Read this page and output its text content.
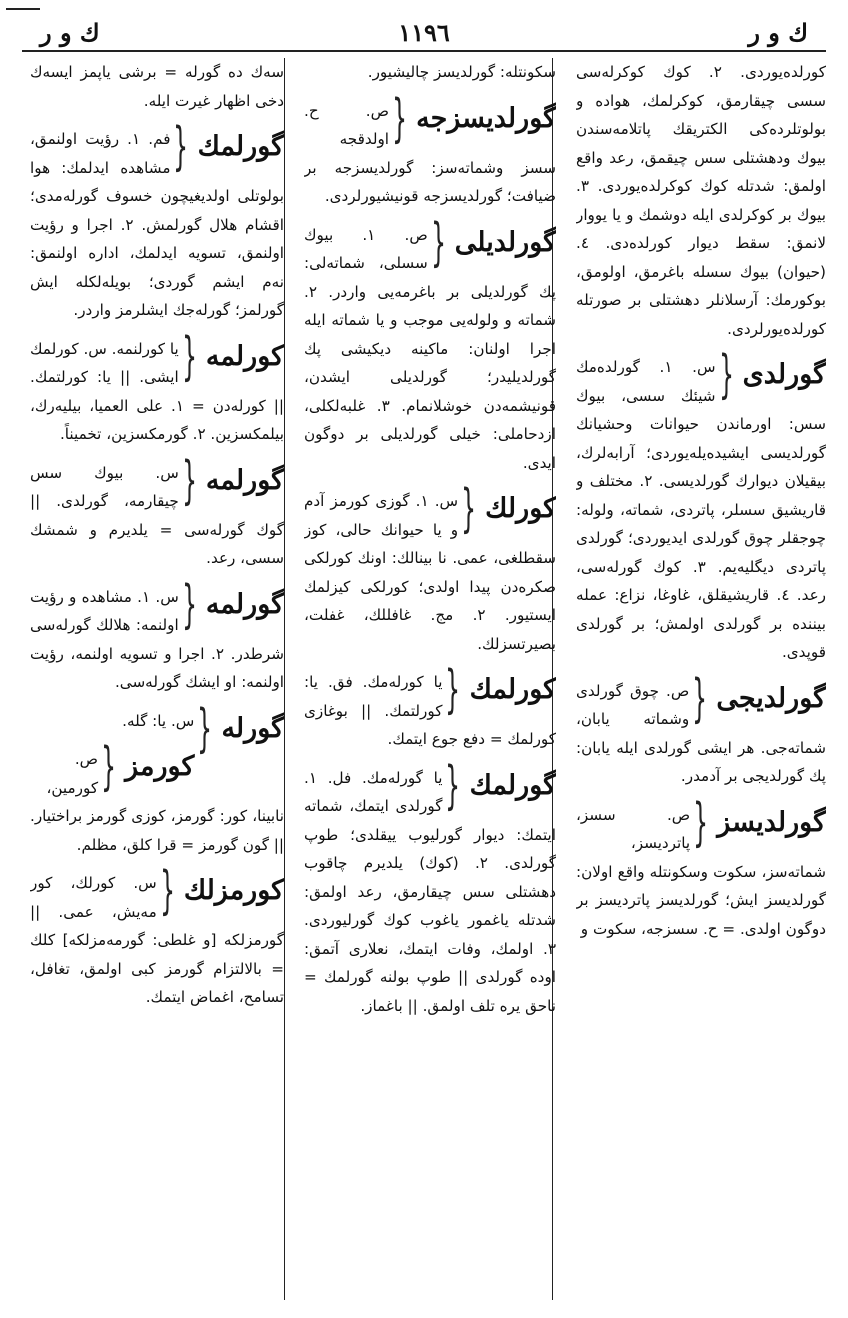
ك و ر
١١٩٦
ك و ر
كورلدەيوردى. ٢. كوك كوكرلەسى سسى چيقارمق، كوكرلمك، هوادە و بولوتلردەكى الكتريقك پاتلامەسندن بيوك ودهشتلى سس چيقمق، رعد واقع اولمق: شدتلە كوك كوكرلدەيوردى. ٣. بيوك بر كوكرلدى ايلە دوشمك و يا يووار لانمق: سقط ديوار كورلدەدى. ٤. (حيوان) بيوك سسلە باغرمق، اولومق، بوكورمك: آرسلانلر دهشتلى بر صورتلە كورلدەيورلردى.
گورلدى
{
س. ١. گورلدەمك شيئك سسى، بيوك سس: اورماندن حيوانات وحشيانك گورلديسى ايشيدەيلەيوردى؛ آرابەلرك، بيقيلان ديوارك گورلديسى. ٢. مختلف و قاريشيق سسلر، پاتردى، شماتە، ولولە: چوجقلر چوق گورلدى ايديوردى؛ گورلدى پاتردى ديگليەيم. ٣. كوك گورلەسى، رعد. ٤. قاريشيقلق، غاوغا، نزاع: عملە بيننده بر گورلدى اولمش؛ بر گورلدى قوپدى.
گورلديجى
{
ص. چوق گورلدى وشماتە يابان، شماتەجى. هر ايشى گورلدى ايلە يابان: پك گورلديجى بر آدمدر.
گورلديسز
{
ص. سسز، پاترديسز، شماتەسز، سكوت وسكونتلە واقع اولان: گورلديسز ايش؛ گورلديسز پاترديسز بر دوگون اولدى. = ح. سسزجە، سكوت و
سكونتلە: گورلديسز چاليشيور.
گورلديسزجە
{
ص. ح. اولدقجە سسز وشماتەسز: گورلديسزجە بر ضيافت؛ گورلديسزجە قونيشيورلردى.
گورلديلى
{
ص. ١. بيوك سسلى، شماتەلى: پك گورلديلى بر باغرمەيى واردر. ٢. شماتە و ولولەيى موجب و يا شماتە ايلە اجرا اولنان: ماكينە ديكيشى پك گورلديليدر؛ گورلديلى ايشدن، قونيشمەدن خوشلانمام. ٣. غلبەلكلى، ازدحاملى: خيلى گورلديلى بر دوگون ايدى.
كورلك
{
س. ١. گوزى كورمز آدم و يا حيوانك حالى، كوز سقطلغى، عمى. نا بينالك: اونك كورلكى صكرەدن پيدا اولدى؛ كورلكى كيزلمك ايستيور. ٢. مج. غافللك، غفلت، بصيرتسزلك.
كورلمك
{
يا كورلەمك. فق. يا: كورلتمك. || بوغازى كورلمك = دفع جوع ايتمك.
گورلمك
{
يا گورلەمك. فل. ١. گورلدى ايتمك، شماتە ايتمك: ديوار گورليوب ييقلدى؛ طوپ گورلدى. ٢. (كوك) يلديرم چاقوب دهشتلى سس چيقارمق، رعد اولمق: شدتلە ياغمور ياغوب كوك گورليوردى. ٣. اولمك، وفات ايتمك، نعلارى آتمق: اودە گورلدى || طوپ بولنە گورلمك = ناحق يرە تلف اولمق. || باغماز.
سەك دە گورلە = برشى ياپمز ايسەك دخى اظهار غيرت ايلە.
گورلمك
{
فم. ١. رؤيت اولنمق، مشاهدە ايدلمك: هوا بولوتلى اولديغيچون خسوف گورلەمدى؛ اقشام هلال گورلمش. ٢. اجرا و رؤيت اولنمق، تسويە ايدلمك، ادارە اولنمق: نەم ايشم گوردى؛ بويلەلكلە ايش گورلمز؛ گورلەجك ايشلرمز واردر.
كورلمە
{
يا كورلنمە. س. كورلمك ايشى. || يا: كورلتمك. || كورلەدن = ١. على العميا، بيليەرك، بيلمكسزين. ٢. گورمكسزين، تخميناً.
گورلمە
{
س. بيوك سس چيقارمە، گورلدى. || گوك گورلەسى = يلديرم و شمشك سسى، رعد.
گورلمە
{
س. ١. مشاهدە و رؤيت اولنمە: هلالك گورلەسى شرطدر. ٢. اجرا و تسويە اولنمە، رؤيت اولنمە: او ايشك گورلەسى.
گورلە
{
س. يا: گلە.
كورمز
{
ص. كورمين، نابينا، كور: گورمز، كوزى گورمز براختيار. || گون گورمز = قرا كلق، مظلم.
كورمزلك
{
س. كورلك، كور مەيش، عمى. || گورمزلكە [و غلطى: گورمەمزلكە] كلك = بالالتزام گورمز كبى اولمق، تغافل، تسامح، اغماض ايتمك.
